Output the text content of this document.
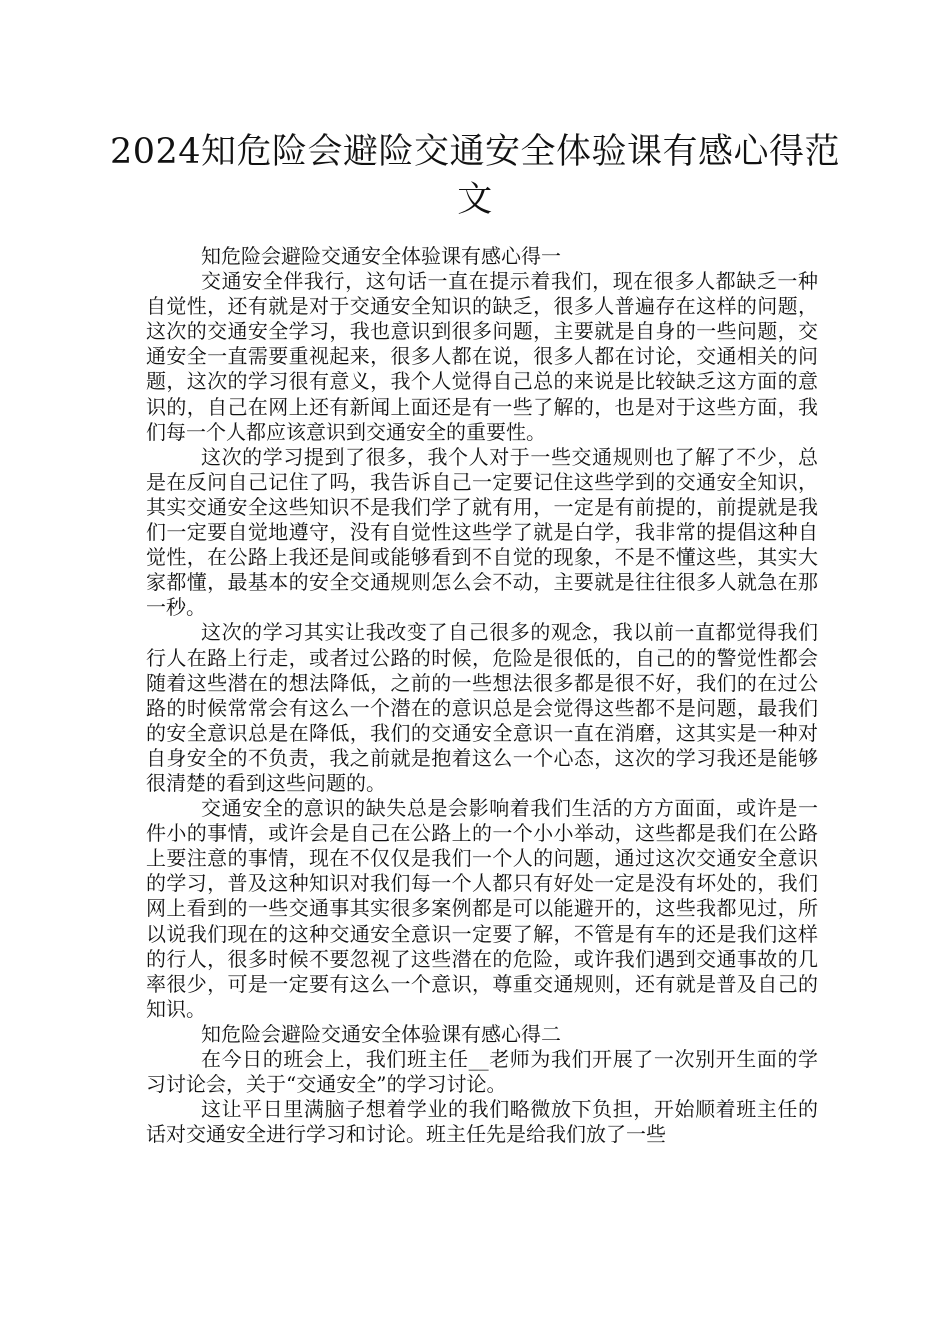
2024知危险会避险交通安全体验课有感心得范文

知危险会避险交通安全体验课有感心得一

交通安全伴我行，这句话一直在提示着我们，现在很多人都缺乏一种自觉性，还有就是对于交通安全知识的缺乏，很多人普遍存在这样的问题，这次的交通安全学习，我也意识到很多问题，主要就是自身的一些问题，交通安全一直需要重视起来，很多人都在说，很多人都在讨论，交通相关的问题，这次的学习很有意义，我个人觉得自己总的来说是比较缺乏这方面的意识的，自己在网上还有新闻上面还是有一些了解的，也是对于这些方面，我们每一个人都应该意识到交通安全的重要性。

这次的学习提到了很多，我个人对于一些交通规则也了解了不少，总是在反问自己记住了吗，我告诉自己一定要记住这些学到的交通安全知识，其实交通安全这些知识不是我们学了就有用，一定是有前提的，前提就是我们一定要自觉地遵守，没有自觉性这些学了就是白学，我非常的提倡这种自觉性，在公路上我还是间或能够看到不自觉的现象，不是不懂这些，其实大家都懂，最基本的安全交通规则怎么会不动，主要就是往往很多人就急在那一秒。

这次的学习其实让我改变了自己很多的观念，我以前一直都觉得我们行人在路上行走，或者过公路的时候，危险是很低的，自己的的警觉性都会随着这些潜在的想法降低，之前的一些想法很多都是很不好，我们的在过公路的时候常常会有这么一个潜在的意识总是会觉得这些都不是问题，最我们的安全意识总是在降低，我们的交通安全意识一直在消磨，这其实是一种对自身安全的不负责，我之前就是抱着这么一个心态，这次的学习我还是能够很清楚的看到这些问题的。

交通安全的意识的缺失总是会影响着我们生活的方方面面，或许是一件小的事情，或许会是自己在公路上的一个小小举动，这些都是我们在公路上要注意的事情，现在不仅仅是我们一个人的问题，通过这次交通安全意识的学习，普及这种知识对我们每一个人都只有好处一定是没有坏处的，我们网上看到的一些交通事其实很多案例都是可以能避开的，这些我都见过，所以说我们现在的这种交通安全意识一定要了解，不管是有车的还是我们这样的行人，很多时候不要忽视了这些潜在的危险，或许我们遇到交通事故的几率很少，可是一定要有这么一个意识，尊重交通规则，还有就是普及自己的知识。

知危险会避险交通安全体验课有感心得二

在今日的班会上，我们班主任__老师为我们开展了一次别开生面的学习讨论会，关于“交通安全”的学习讨论。

这让平日里满脑子想着学业的我们略微放下负担，开始顺着班主任的话对交通安全进行学习和讨论。班主任先是给我们放了一些
